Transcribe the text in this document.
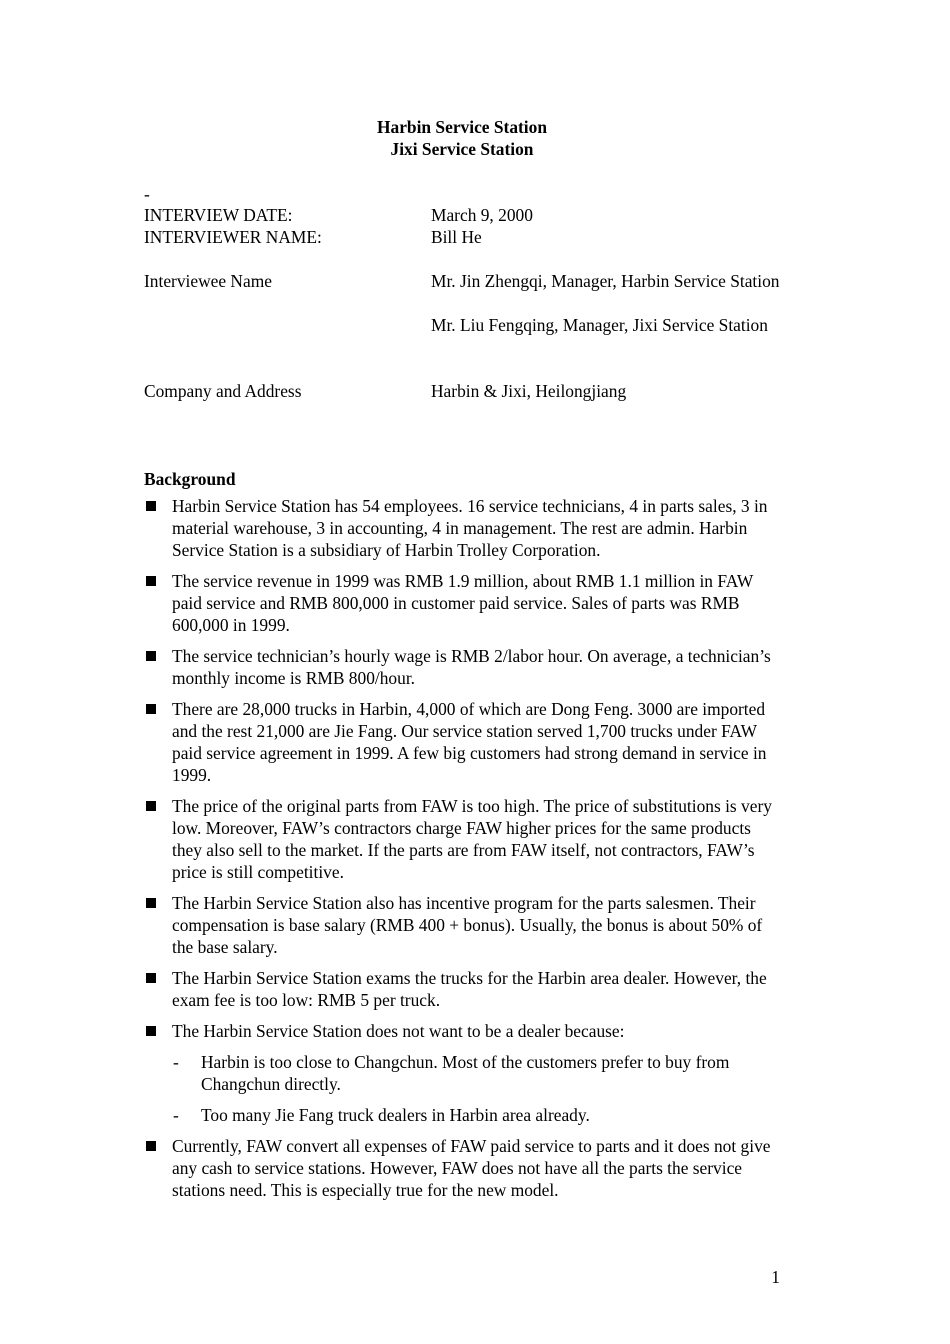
Harbin Service Station
Jixi Service Station
-
INTERVIEW DATE:	March 9, 2000
INTERVIEWER NAME:	Bill He
Interviewee Name	Mr. Jin Zhengqi, Manager, Harbin Service Station
Mr. Liu Fengqing, Manager, Jixi Service Station
Company and Address	Harbin & Jixi, Heilongjiang
Background
Harbin Service Station has 54 employees. 16 service technicians, 4 in parts sales, 3 in material warehouse, 3 in accounting, 4 in management. The rest are admin. Harbin Service Station is a subsidiary of Harbin Trolley Corporation.
The service revenue in 1999 was RMB 1.9 million, about RMB 1.1 million in FAW paid service and RMB 800,000 in customer paid service. Sales of parts was RMB 600,000 in 1999.
The service technician’s hourly wage is RMB 2/labor hour. On average, a technician’s monthly income is RMB 800/hour.
There are 28,000 trucks in Harbin, 4,000 of which are Dong Feng. 3000 are imported and the rest 21,000 are Jie Fang. Our service station served 1,700 trucks under FAW paid service agreement in 1999. A few big customers had strong demand in service in 1999.
The price of the original parts from FAW is too high. The price of substitutions is very low. Moreover, FAW’s contractors charge FAW higher prices for the same products they also sell to the market. If the parts are from FAW itself, not contractors, FAW’s price is still competitive.
The Harbin Service Station also has incentive program for the parts salesmen. Their compensation is base salary (RMB 400 + bonus). Usually, the bonus is about 50% of the base salary.
The Harbin Service Station exams the trucks for the Harbin area dealer. However, the exam fee is too low: RMB 5 per truck.
The Harbin Service Station does not want to be a dealer because:
- Harbin is too close to Changchun. Most of the customers prefer to buy from Changchun directly.
- Too many Jie Fang truck dealers in Harbin area already.
Currently, FAW convert all expenses of FAW paid service to parts and it does not give any cash to service stations. However, FAW does not have all the parts the service stations need. This is especially true for the new model.
1
